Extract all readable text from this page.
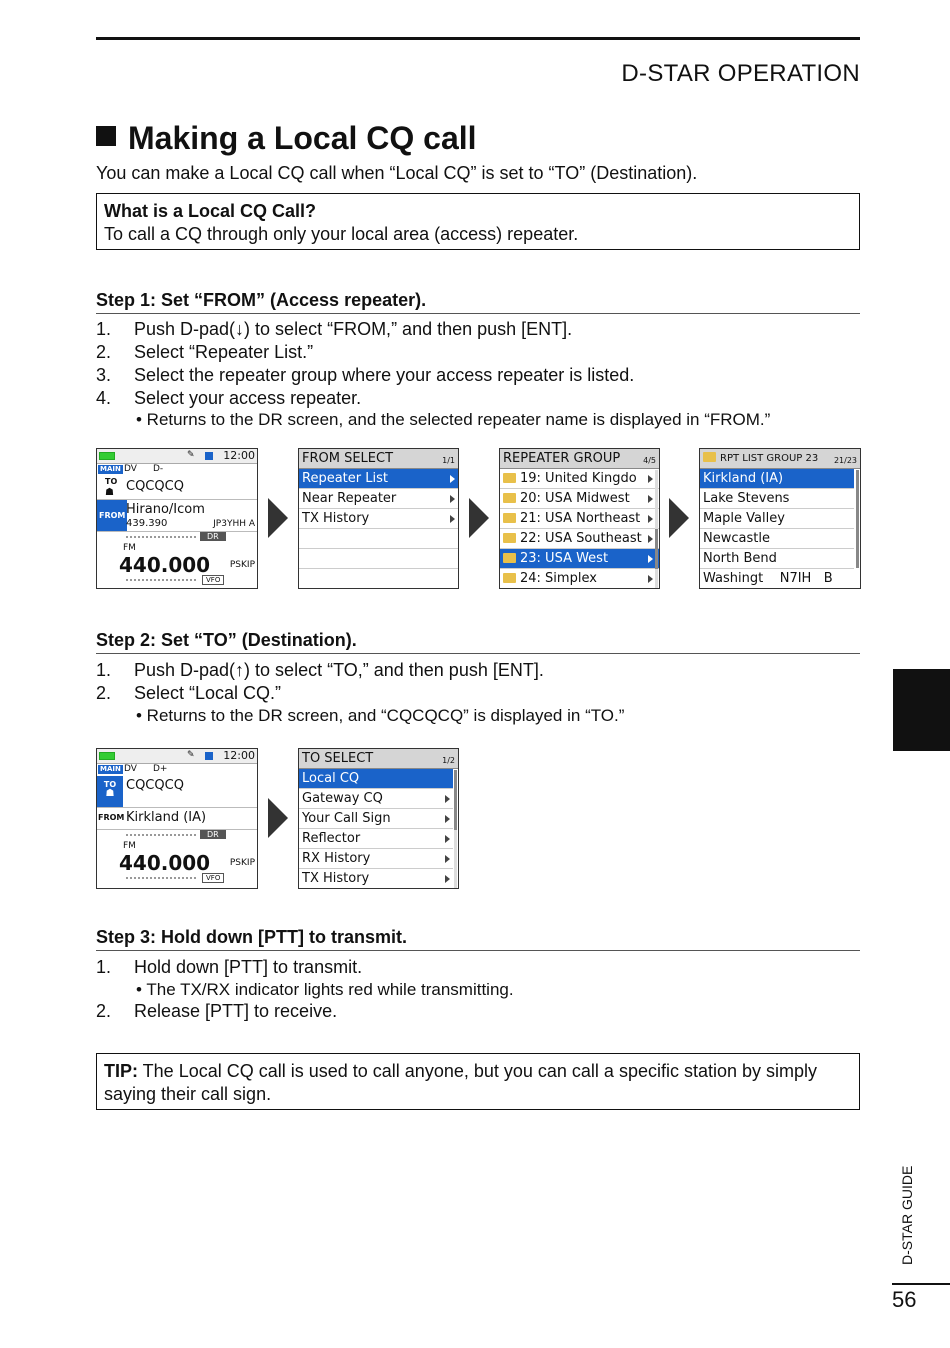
D-STAR OPERATION
Making a Local CQ call
You can make a Local CQ call when “Local CQ” is set to “TO” (Destination).

What is a Local CQ Call?

To call a CQ through only your local area (access) repeater.

Step 1: Set “FROM” (Access repeater).
1. Push D-pad(↓) to select “FROM,” and then push [ENT].
2. Select “Repeater List.”
3. Select the repeater group where your access repeater is listed.
4. Select your access repeater.
• Returns to the DR screen, and the selected repeater name is displayed in “FROM.”
✎	12:00
MAIN DV D-
TO
☗ CQCQCQ
FROM Hirano/Icom
439.390	JP3YHH A
DR
FM
440.000 PSKIP
VFO
FROM SELECT	1/1
Repeater List
Near Repeater
TX History
REPEATER GROUP	4/5
19: United Kingdo
20: USA Midwest
21: USA Northeast
22: USA Southeast
23: USA West
24: Simplex
RPT LIST GROUP 23 21/23
Kirkland (IA)
Lake Stevens
Maple Valley
Newcastle
North Bend
Washingt    N7IH   B
Step 2: Set “TO” (Destination).
1. Push D-pad(↑) to select “TO,” and then push [ENT].
2. Select “Local CQ.”
• Returns to the DR screen, and “CQCQCQ” is displayed in “TO.”
✎	12:00
MAIN DV D+
TO
☗
CQCQCQ
FROM Kirkland (IA)
DR
FM
440.000 PSKIP
VFO
TO SELECT	1/2
Local CQ
Gateway CQ
Your Call Sign
Reflector
RX History
TX History
Step 3: Hold down [PTT] to transmit.
1. Hold down [PTT] to transmit.
• The TX/RX indicator lights red while transmitting.
2. Release [PTT] to receive.

TIP: The Local CQ call is used to call anyone, but you can call a specific station by simply saying their call sign.

D-STAR GUIDE
56
